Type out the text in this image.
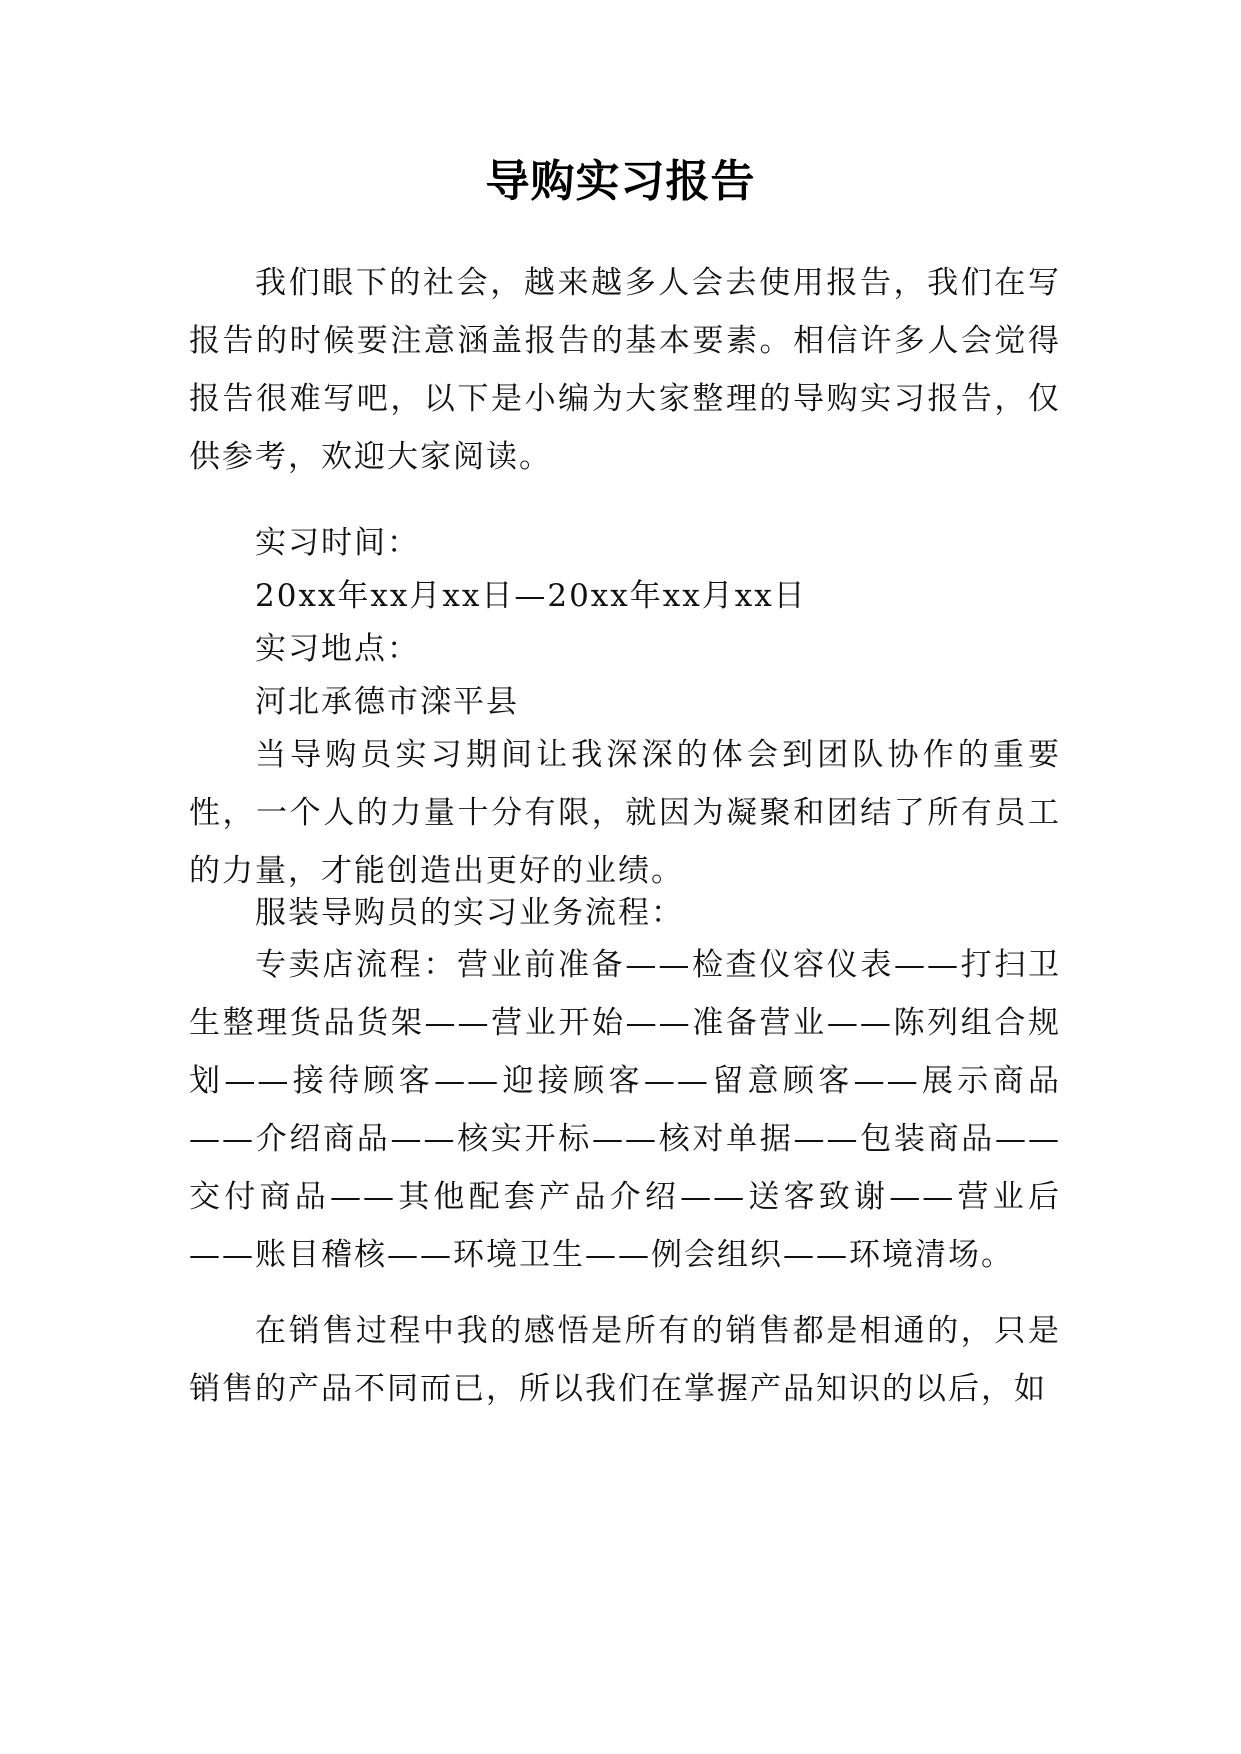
导购实习报告
我们眼下的社会，越来越多人会去使用报告，我们在写报告的时候要注意涵盖报告的基本要素。相信许多人会觉得报告很难写吧，以下是小编为大家整理的导购实习报告，仅供参考，欢迎大家阅读。
实习时间：
20xx年xx月xx日—20xx年xx月xx日
实习地点：
河北承德市滦平县
当导购员实习期间让我深深的体会到团队协作的重要性，一个人的力量十分有限，就因为凝聚和团结了所有员工的力量，才能创造出更好的业绩。
服装导购员的实习业务流程：
专卖店流程：营业前准备——检查仪容仪表——打扫卫生整理货品货架——营业开始——准备营业——陈列组合规划——接待顾客——迎接顾客——留意顾客——展示商品——介绍商品——核实开标——核对单据——包装商品——交付商品——其他配套产品介绍——送客致谢——营业后——账目稽核——环境卫生——例会组织——环境清场。
在销售过程中我的感悟是所有的销售都是相通的，只是销售的产品不同而已，所以我们在掌握产品知识的以后，如
